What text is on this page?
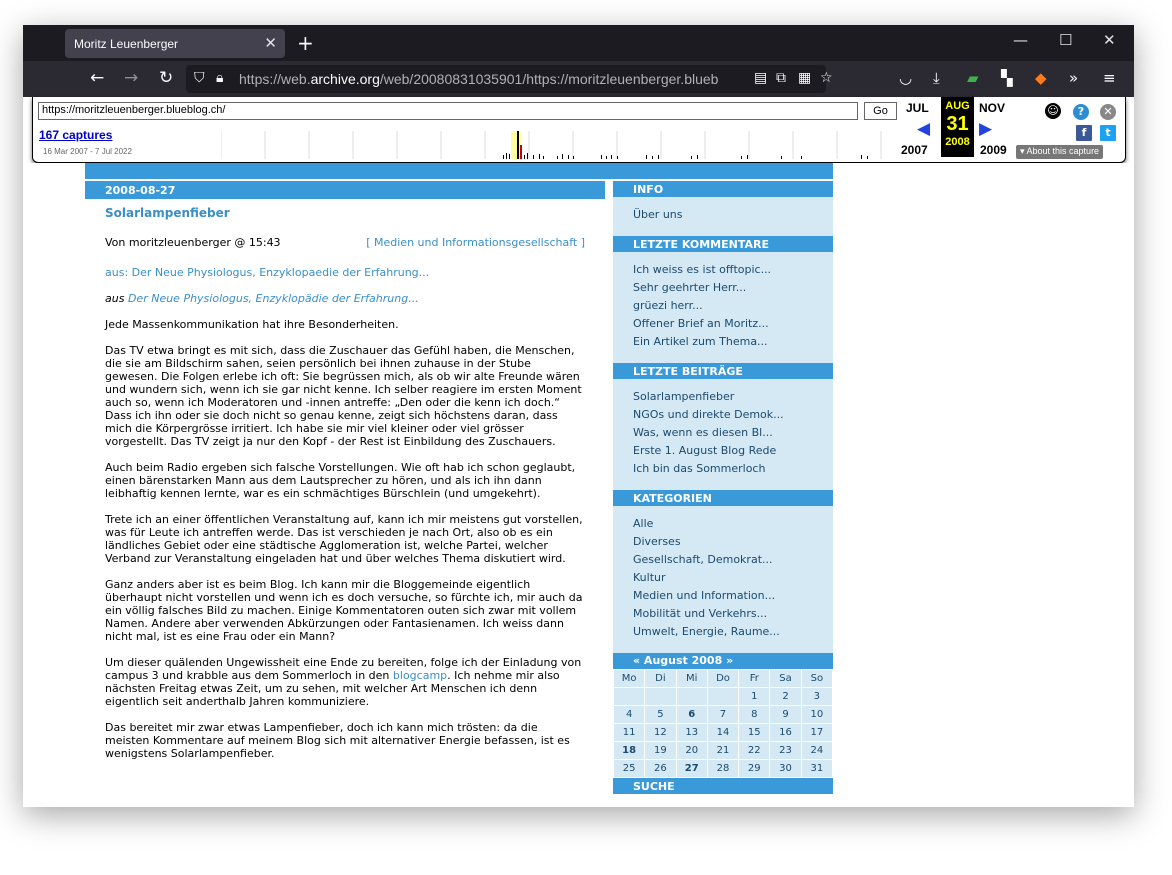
Moritz Leuenberger	✕ +	— ☐ ✕
← → ↻ ⛉ 🔒︎ https://web.archive.org/web/20080831035901/https://moritzleuenberger.blueb	▤ ⧉ ▦ ☆	◡ ⤓ ▰ ▚ ◆ » ≡
https://moritzleuenberger.blueblog.ch/	Go
167 captures
16 Mar 2007 - 7 Jul 2022
JUL
◀
2007
AUG
31
2008
NOV
▶
2009
☺	?	✕
f	t
▾ About this capture
2008-08-27
Solarlampenfieber
Von moritzleuenberger @ 15:43	[ Medien und Informationsgesellschaft ]

aus: Der Neue Physiologus, Enzyklopaedie der Erfahrung...

aus Der Neue Physiologus, Enzyklopädie der Erfahrung...

Jede Massenkommunikation hat ihre Besonderheiten.

Das TV etwa bringt es mit sich, dass die Zuschauer das Gefühl haben, die Menschen, die sie am Bildschirm sahen, seien persönlich bei ihnen zuhause in der Stube gewesen. Die Folgen erlebe ich oft: Sie begrüssen mich, als ob wir alte Freunde wären und wundern sich, wenn ich sie gar nicht kenne. Ich selber reagiere im ersten Moment auch so, wenn ich Moderatoren und -innen antreffe: „Den oder die kenn ich doch.“ Dass ich ihn oder sie doch nicht so genau kenne, zeigt sich höchstens daran, dass mich die Körpergrösse irritiert. Ich habe sie mir viel kleiner oder viel grösser vorgestellt. Das TV zeigt ja nur den Kopf - der Rest ist Einbildung des Zuschauers.

Auch beim Radio ergeben sich falsche Vorstellungen. Wie oft hab ich schon geglaubt, einen bärenstarken Mann aus dem Lautsprecher zu hören, und als ich ihn dann leibhaftig kennen lernte, war es ein schmächtiges Bürschlein (und umgekehrt).

Trete ich an einer öffentlichen Veranstaltung auf, kann ich mir meistens gut vorstellen, was für Leute ich antreffen werde. Das ist verschieden je nach Ort, also ob es ein ländliches Gebiet oder eine städtische Agglomeration ist, welche Partei, welcher Verband zur Veranstaltung eingeladen hat und über welches Thema diskutiert wird.

Ganz anders aber ist es beim Blog. Ich kann mir die Bloggemeinde eigentlich überhaupt nicht vorstellen und wenn ich es doch versuche, so fürchte ich, mir auch da ein völlig falsches Bild zu machen. Einige Kommentatoren outen sich zwar mit vollem Namen. Andere aber verwenden Abkürzungen oder Fantasienamen. Ich weiss dann nicht mal, ist es eine Frau oder ein Mann?

Um dieser quälenden Ungewissheit eine Ende zu bereiten, folge ich der Einladung von campus 3 und krabble aus dem Sommerloch in den blogcamp. Ich nehme mir also nächsten Freitag etwas Zeit, um zu sehen, mit welcher Art Menschen ich denn eigentlich seit anderthalb Jahren kommuniziere.

Das bereitet mir zwar etwas Lampenfieber, doch ich kann mich trösten: da die meisten Kommentare auf meinem Blog sich mit alternativer Energie befassen, ist es wenigstens Solarlampenfieber.

INFO
Über uns
LETZTE KOMMENTARE
Ich weiss es ist offtopic...
Sehr geehrter Herr...
grüezi herr...
Offener Brief an Moritz...
Ein Artikel zum Thema...
LETZTE BEITRÄGE
Solarlampenfieber
NGOs und direkte Demok...
Was, wenn es diesen Bl...
Erste 1. August Blog Rede
Ich bin das Sommerloch
KATEGORIEN
Alle
Diverses
Gesellschaft, Demokrat...
Kultur
Medien und Information...
Mobilität und Verkehrs...
Umwelt, Energie, Raume...
« August 2008 »
Mo	Di	Mi	Do	Fr	Sa	So
				1	2	3
4	5	6	7	8	9	10
11	12	13	14	15	16	17
18	19	20	21	22	23	24
25	26	27	28	29	30	31
SUCHE
